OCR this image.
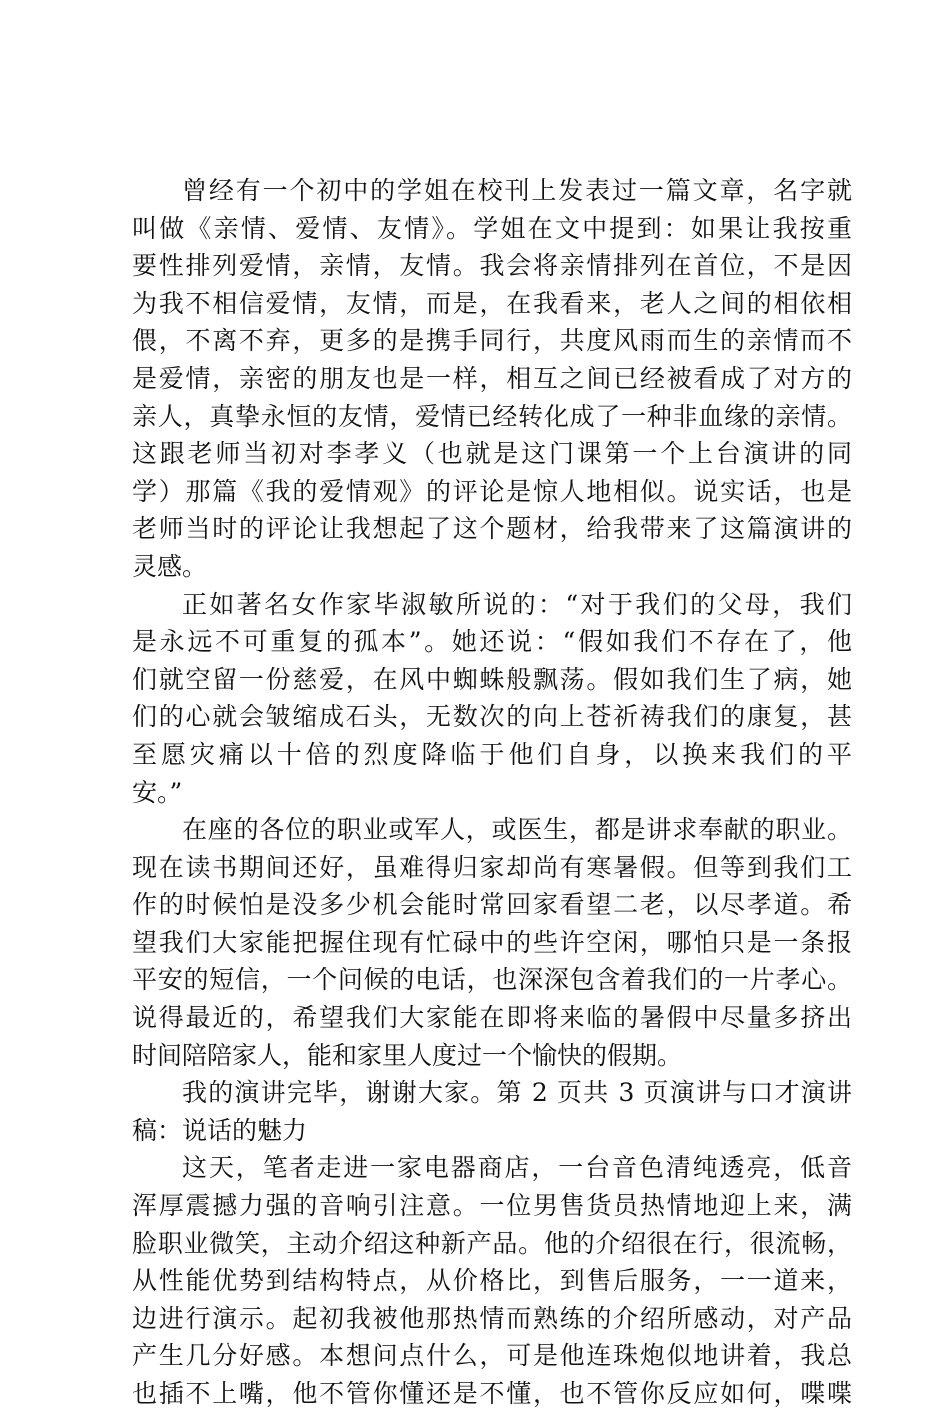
曾经有一个初中的学姐在校刊上发表过一篇文章，名字就
叫做《亲情、爱情、友情》。学姐在文中提到：如果让我按重
要性排列爱情，亲情，友情。我会将亲情排列在首位，不是因
为我不相信爱情，友情，而是，在我看来，老人之间的相依相
偎，不离不弃，更多的是携手同行，共度风雨而生的亲情而不
是爱情，亲密的朋友也是一样，相互之间已经被看成了对方的
亲人，真挚永恒的友情，爱情已经转化成了一种非血缘的亲情。
这跟老师当初对李孝义（也就是这门课第一个上台演讲的同
学）那篇《我的爱情观》的评论是惊人地相似。说实话，也是
老师当时的评论让我想起了这个题材，给我带来了这篇演讲的
灵感。
正如著名女作家毕淑敏所说的：“对于我们的父母，我们
是永远不可重复的孤本”。她还说：“假如我们不存在了，他
们就空留一份慈爱，在风中蜘蛛般飘荡。假如我们生了病，她
们的心就会皱缩成石头，无数次的向上苍祈祷我们的康复，甚
至愿灾痛以十倍的烈度降临于他们自身，以换来我们的平
安。”
在座的各位的职业或军人，或医生，都是讲求奉献的职业。
现在读书期间还好，虽难得归家却尚有寒暑假。但等到我们工
作的时候怕是没多少机会能时常回家看望二老，以尽孝道。希
望我们大家能把握住现有忙碌中的些许空闲，哪怕只是一条报
平安的短信，一个问候的电话，也深深包含着我们的一片孝心。
说得最近的，希望我们大家能在即将来临的暑假中尽量多挤出
时间陪陪家人，能和家里人度过一个愉快的假期。
我的演讲完毕，谢谢大家。第 2 页共 3 页演讲与口才演讲
稿：说话的魅力
这天，笔者走进一家电器商店，一台音色清纯透亮，低音
浑厚震撼力强的音响引注意。一位男售货员热情地迎上来，满
脸职业微笑，主动介绍这种新产品。他的介绍很在行，很流畅，
从性能优势到结构特点，从价格比，到售后服务，一一道来，
边进行演示。起初我被他那热情而熟练的介绍所感动，对产品
产生几分好感。本想问点什么，可是他连珠炮似地讲着，我总
也插不上嘴，他不管你懂还是不懂，也不管你反应如何，喋喋
